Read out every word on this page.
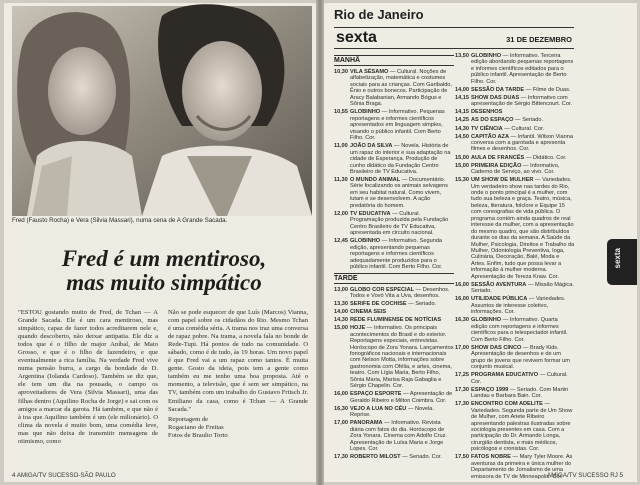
Fred (Fausto Rocha) e Vera (Silvia Massari), numa cena de A Grande Sacada.
Fred é um mentiroso,
mas muito simpático

"ESTOU gostando muito de Fred, de Tchan — A Grande Sacada. Ele é um cara mentiroso, mas simpático, capaz de fazer todos acreditarem nele e, quando descoberto, não deixar antipatia. Ele diz a todos que é o filho de major Aníbal, de Mato Grosso, e que é o filho de fazendeiro, e que eventualmente a rica família. Na verdade Fred vive numa pensão burra, a cargo da bondade de D. Argentina (Iolanda Cardoso). Também se diz que, ele tem um dia na pousada, o campo os aproveitadores de Vera (Silvia Massari), uma das filhas dentro (Aquilino Rocha de Jorge) e sai com os amigos a marcar da garota. Há também, e que não é à toa que Aquilino também é um (ele milionário). O clima da novela é muito bom, uma comédia leve, mas que não deixa de transmitir mensagens de otimismo, como

Não se pode esquecer de que Luís (Marcos) Vianna, com papel sobre os cidadãos do Rio. Mesmo Tchan é uma comédia séria. A trama nos traz uma conversa de rapaz pobre. Na trama, a novela fala no bonde de Rede-Tupi. Há pontos de tudo na comunidade. O sábado, como é de tudo, às 19 horas. Um novo papel é que Fred vai a um rapaz como tantos. É muita gente. Gosto da ideia, pois tem a gente como também eu me tenho uma boa proposta. Até o momento, a televisão, que é sem ser simpático, na TV, também com um trabalho do Gustavo Fritsch Jr. Emiliano da casa, como é Tchan — A Grande Sacada."

Reportagem de
Rogaciano de Freitas
Fotos de Braulio Torto
4 AMIGA/TV SUCESSO-SÃO PAULO
Rio de Janeiro
sexta	31 DE DEZEMBRO
MANHÃ
10,30 VILA SÉSAMO — Cultural. Noções de alfabetização, matemática e costumes sociais para as crianças. Com Garibaldo, Ênio e outros bonecos. Participação de Aracy Balabanian, Armando Bógus e Sônia Braga.
10,55 GLOBINHO — Informativo. Pequenas reportagens e informes científicos apresentados em linguagem simples, visando o público infantil. Com Berto Filho. Cor.
11,00 JOÃO DA SILVA — Novela. História de um rapaz do interior e sua adaptação na cidade de Esperança. Produção de cunho didático da Fundação Centro Brasileiro de TV Educativa.
11,30 O MUNDO ANIMAL — Documentário. Série focalizando os animais selvagens em seu habitat natural. Como vivem, lutam e se desenvolvem. A ação predatória do homem.
12,00 TV EDUCATIVA — Cultural. Programação produzida pela Fundação Centro Brasileiro de TV Educativa, apresentada em circuito nacional.
12,45 GLOBINHO — Informativo. Segunda edição, apresentando pequenas reportagens e informes científicos adequadamente produzidos para o público infantil. Com Berto Filho. Cor.
TARDE
13,00 GLOBO COR ESPECIAL — Desenhos. Todos e Vovó Vita a Uva, desenhos.
13,30 SERIFE DE COCHISE — Seriado.
14,00 CINEMA SEIS
14,30 REDE FLUMINENSE DE NOTÍCIAS
15,00 HOJE — Informativo. Os principais acontecimentos do Brasil e do exterior. Reportagens especiais, entrevistas. Horóscopo de Zora Yonara. Lançamentos fonográficos nacionais e internacionais com Nelson Motta, informações sobre gastronomia com Ofélia, e artes, cinema, teatro. Com Lígia Maria, Berto Filho, Sônia Maria, Marisa Raja Gabaglia e Sérgio Chapelin. Cor.
16,00 ESPAÇO ESPORTE — Apresentação de Geraldo Ribeiro e Milton Coimbra. Cor.
16,30 VEJO A LUA NO CÉU — Novela. Reprise.
17,00 PANORAMA — Informativo. Revista diária com fatos do dia. Horóscopo de Zora Yonara. Cinema com Adolfo Cruz. Apresentação de Luísa Maria e Jorge Lopes. Cor.
17,30 ROBERTO MILOST — Seriado. Cor.
13,50 GLOBINHO — Informativo. Terceira edição abordando pequenas reportagens e informes científicos editados para o público infantil. Apresentação de Berto Filho. Cor.
14,00 SESSÃO DA TARDE — Filme de Duas.
14,15 SHOW DAS DUAS — Informativo com apresentação de Sérgio Bittencourt. Cor.
14,15 DESENHOS
14,25 AS DO ESPAÇO — Seriado.
14,30 TV CIÊNCIA — Cultural. Cor.
14,50 CAPITÃO AZA — Infantil. Wilson Vianna conversa com a garotada e apresenta filmes e desenhos. Cor.
15,00 AULA DE FRANCÊS — Didático. Cor.
15,00 PRIMEIRA EDIÇÃO — Informativo, Caderno de Serviço, ao vivo. Cor.
15,30 UM SHOW DE MULHER — Variedades. Um verdadeiro show nas tardes do Rio, onde o ponto principal é a mulher, com tudo sua beleza e graça. Teatro, música, beleza, literatura, folclore e Equipe 15 com coreografias de vida pública. O programa contém ainda quadros de real interesse da mulher, com a apresentação do mesmo quadro, que são distribuídos durante os dias da semana. A Saúde da Mulher, Psicologia, Direitos e Trabalho da Mulher, Odontologia Preventiva, Ioga, Culinária, Decoração, Balé, Moda e Artes. Enfim, tudo que possa levar a informação à mulher moderna. Apresentação de Tereza Kraw. Cor.
16,00 SESSÃO AVENTURA — Missão Mágica. Seriado.
16,00 UTILIDADE PÚBLICA — Variedades. Assuntos de interesse coletivo, informações. Cor.
16,30 GLOBINHO — Informativo. Quarta edição com reportagens e informes científicos para o telespectador infantil. Com Berto Filho. Cor.
17,00 SHOW DAS CINCO — Brady Kids. Apresentação de desenhos e de um grupo de jovens que revivem formar um conjunto musical.
17,25 PROGRAMA EDUCATIVO — Cultural. Cor.
17,30 ESPAÇO 1999 — Seriado. Com Martin Landau e Barbara Bain. Cor.
17,30 ENCONTRO COM ADELITE — Variedades. Segunda parte de Um Show de Mulher, com Ariete Ribeiro apresentando palestras ilustradas sobre sociologia presentes em casa. Com a participação do Dr. Armando Longa, cirurgião dentista, e mais médicos, psicólogos e cronistas. Cor.
17,50 FATOS NOBRE — Mary Tyler Moore. As aventuras da primeira e única mulher do Departamento de Jornalismo de uma emissora de TV de Minneapolis. Cor.
sexta
AMIGA/TV SUCESSO RJ 5
